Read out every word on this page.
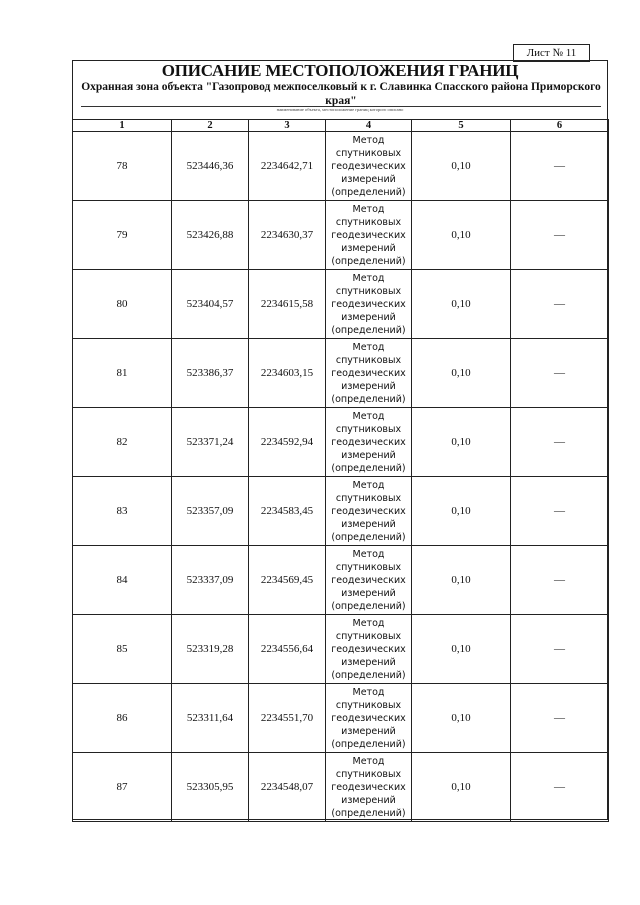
Лист № 11
ОПИСАНИЕ МЕСТОПОЛОЖЕНИЯ ГРАНИЦ
Охранная зона объекта "Газопровод межпоселковый к г. Славинка Спасского района Приморского края"
наименование объекта, местоположение границ которого описано
1	2	3	4	5	6
78	523446,36	2234642,71	Метод спутниковых геодезических измерений (определений)	0,10	—
79	523426,88	2234630,37	Метод спутниковых геодезических измерений (определений)	0,10	—
80	523404,57	2234615,58	Метод спутниковых геодезических измерений (определений)	0,10	—
81	523386,37	2234603,15	Метод спутниковых геодезических измерений (определений)	0,10	—
82	523371,24	2234592,94	Метод спутниковых геодезических измерений (определений)	0,10	—
83	523357,09	2234583,45	Метод спутниковых геодезических измерений (определений)	0,10	—
84	523337,09	2234569,45	Метод спутниковых геодезических измерений (определений)	0,10	—
85	523319,28	2234556,64	Метод спутниковых геодезических измерений (определений)	0,10	—
86	523311,64	2234551,70	Метод спутниковых геодезических измерений (определений)	0,10	—
87	523305,95	2234548,07	Метод спутниковых геодезических измерений (определений)	0,10	—
